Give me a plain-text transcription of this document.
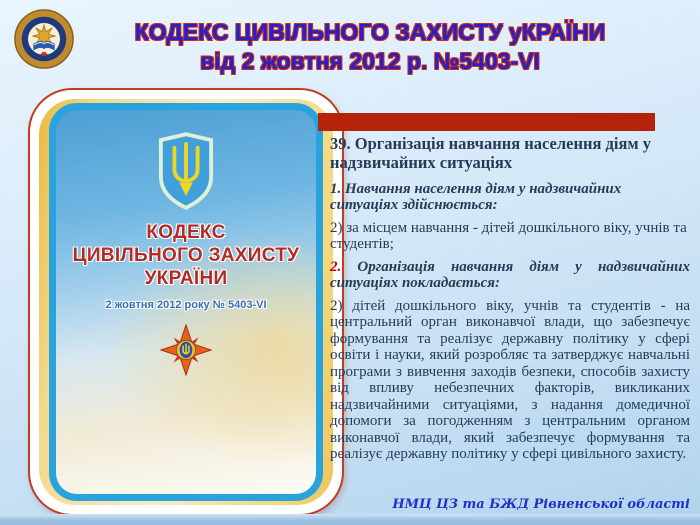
КОДЕКС ЦИВІЛЬНОГО ЗАХИСТУ уКРАЇНИ
від 2 жовтня 2012 р. №5403-VI
КОДЕКС
ЦИВІЛЬНОГО ЗАХИСТУ
УКРАЇНИ
2 жовтня 2012 року № 5403-VI

39. Організація навчання населення діям у надзвичайних ситуаціях

1. Навчання населення діям у надзвичайних ситуаціях здійснюється:

2) за місцем навчання - дітей дошкільного віку, учнів та студентів;

2. Організація навчання діям у надзвичайних ситуаціях покладається:

2) дітей дошкільного віку, учнів та студентів - на центральний орган виконавчої влади, що забезпечує формування та реалізує державну політику у сфері освіти і науки, який розробляє та затверджує навчальні програми з вивчення заходів безпеки, способів захисту від впливу небезпечних факторів, викликаних надзвичайними ситуаціями, з надання домедичної допомоги за погодженням з центральним органом виконавчої влади, який забезпечує формування та реалізує державну політику у сфері цивільного захисту.

НМЦ ЦЗ та БЖД Рівненської області
